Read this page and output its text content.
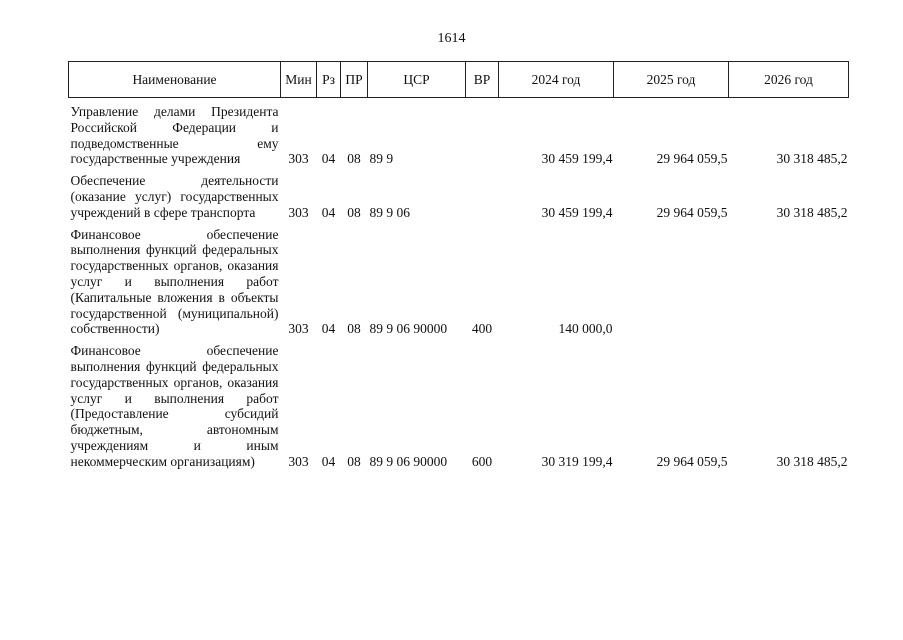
1614
Наименование	Мин	Рз	ПР	ЦСР	ВР	2024 год	2025 год	2026 год
Управление делами Президента Российской Федерации и подведомственные ему государственные учреждения	303	04	08	89 9		30 459 199,4	29 964 059,5	30 318 485,2
Обеспечение деятельности (оказание услуг) государственных учреждений в сфере транспорта	303	04	08	89 9 06		30 459 199,4	29 964 059,5	30 318 485,2
Финансовое обеспечение выполнения функций федеральных государственных органов, оказания услуг и выполнения работ (Капитальные вложения в объекты государственной (муниципальной) собственности)	303	04	08	89 9 06 90000	400	140 000,0		
Финансовое обеспечение выполнения функций федеральных государственных органов, оказания услуг и выполнения работ (Предоставление субсидий бюджетным, автономным учреждениям и иным некоммерческим организациям)	303	04	08	89 9 06 90000	600	30 319 199,4	29 964 059,5	30 318 485,2
